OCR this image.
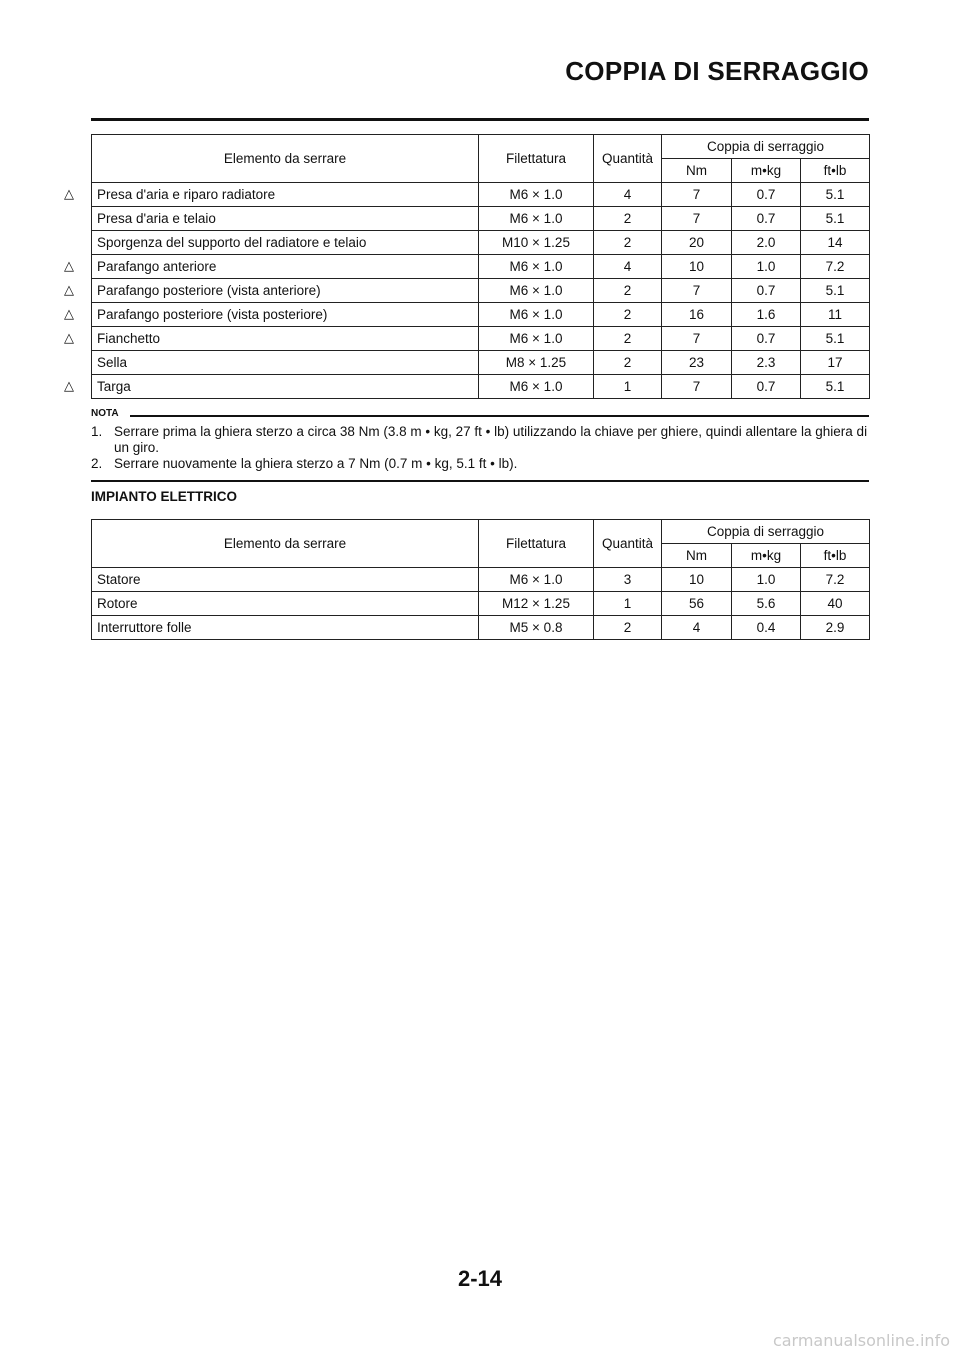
COPPIA DI SERRAGGIO
Elemento da serrare	Filettatura	Quantità	Coppia di serraggio		
			Nm	m•kg	ft•lb

△ Presa d'aria e riparo radiatore	M6 × 1.0	4	7	0.7	5.1
Presa d'aria e telaio	M6 × 1.0	2	7	0.7	5.1
Sporgenza del supporto del radiatore e telaio	M10 × 1.25	2	20	2.0	14

△ Parafango anteriore	M6 × 1.0	4	10	1.0	7.2

△ Parafango posteriore (vista anteriore)	M6 × 1.0	2	7	0.7	5.1

△ Parafango posteriore (vista posteriore)	M6 × 1.0	2	16	1.6	11

△ Fianchetto	M6 × 1.0	2	7	0.7	5.1
Sella	M8 × 1.25	2	23	2.3	17

△ Targa	M6 × 1.0	1	7	0.7	5.1
NOTA
1. Serrare prima la ghiera sterzo a circa 38 Nm (3.8 m • kg, 27 ft • lb) utilizzando la chiave per ghiere, quindi allentare la ghiera di un giro.
2. Serrare nuovamente la ghiera sterzo a 7 Nm (0.7 m • kg, 5.1 ft • lb).
IMPIANTO ELETTRICO
Elemento da serrare	Filettatura	Quantità	Coppia di serraggio		
			Nm	m•kg	ft•lb
Statore	M6 × 1.0	3	10	1.0	7.2
Rotore	M12 × 1.25	1	56	5.6	40
Interruttore folle	M5 × 0.8	2	4	0.4	2.9
2-14
carmanualsonline.info
